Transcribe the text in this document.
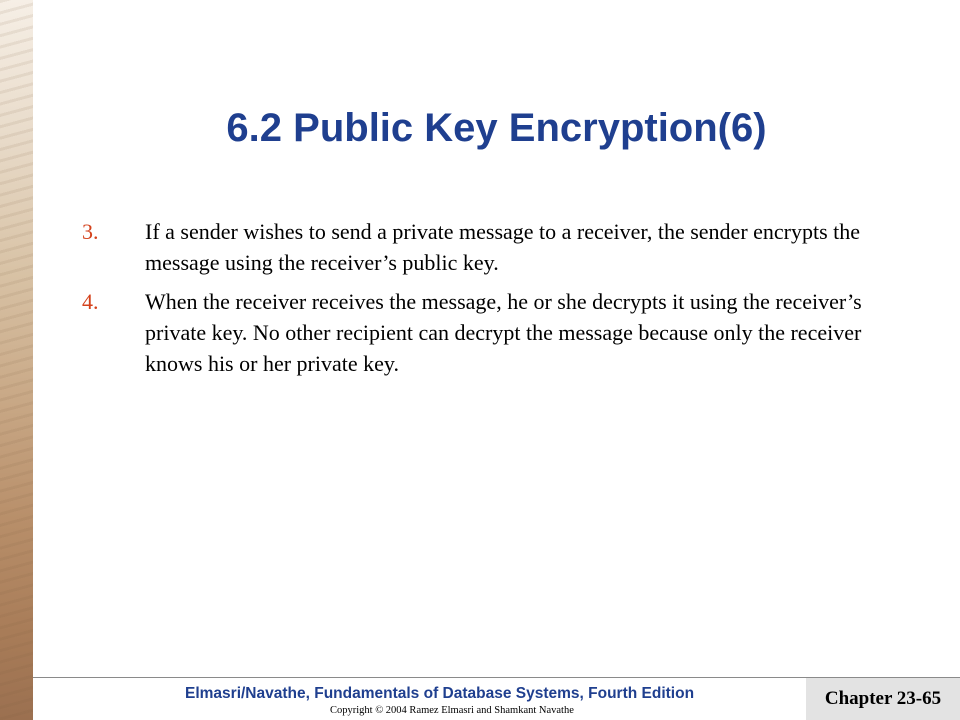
6.2 Public Key Encryption(6)
3.	If a sender wishes to send a private message to a receiver, the sender encrypts the message using the receiver’s public key.
4.	When the receiver receives the message, he or she decrypts it using the receiver’s private key. No other recipient can decrypt the message because only the receiver knows his or her private key.
Elmasri/Navathe, Fundamentals of Database Systems, Fourth Edition
Copyright © 2004 Ramez Elmasri and Shamkant Navathe
Chapter 23-65
